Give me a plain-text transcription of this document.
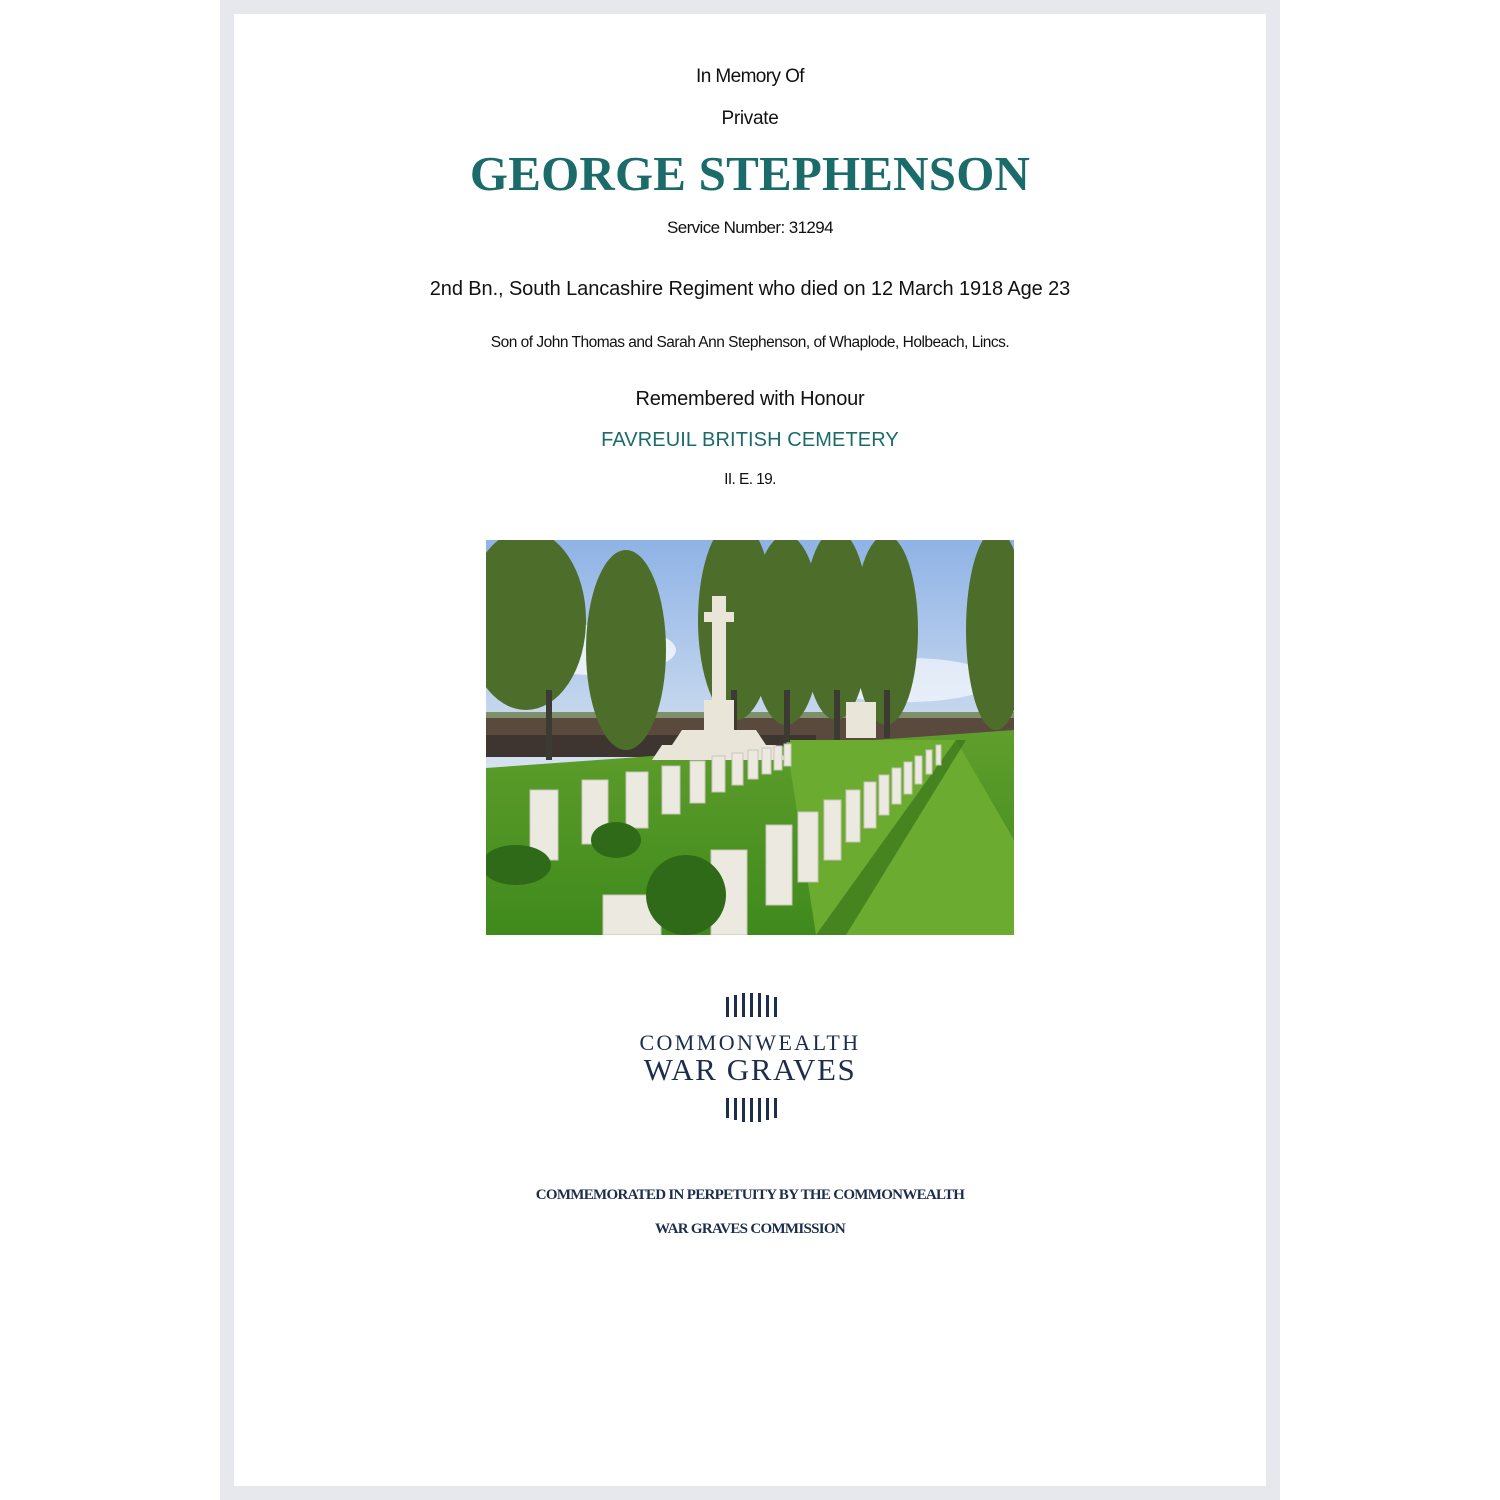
In Memory Of
Private
GEORGE STEPHENSON
Service Number: 31294
2nd Bn., South Lancashire Regiment who died on 12 March 1918 Age 23
Son of John Thomas and Sarah Ann Stephenson, of Whaplode, Holbeach, Lincs.
Remembered with Honour
FAVREUIL BRITISH CEMETERY
II. E. 19.
COMMONWEALTH
WAR GRAVES
COMMEMORATED IN PERPETUITY BY THE COMMONWEALTH
WAR GRAVES COMMISSION
